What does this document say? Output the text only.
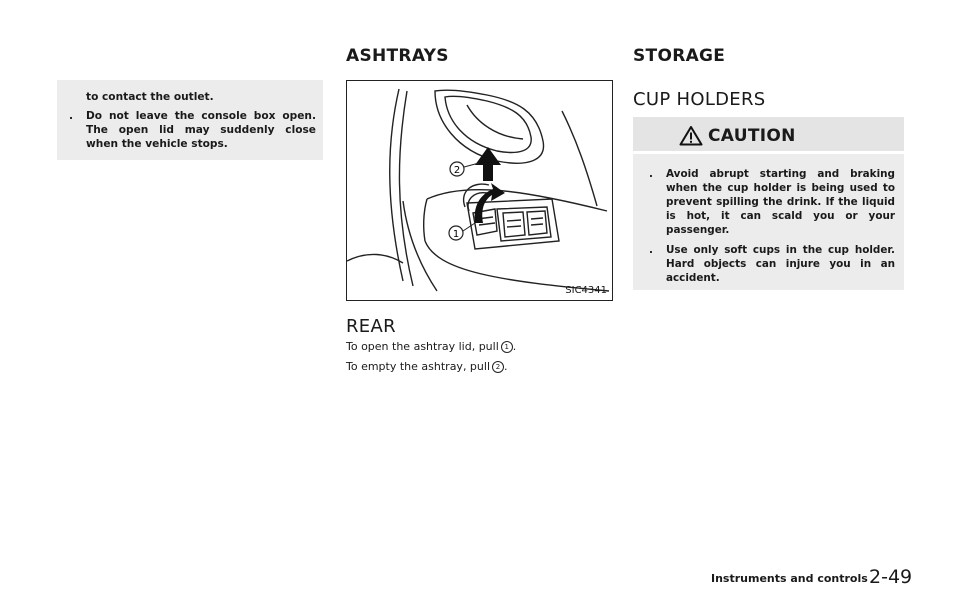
to contact the outlet.
. Do not leave the console box open. The open lid may suddenly close when the vehicle stops.
ASHTRAYS
1
2
SIC4341
REAR

To open the ashtray lid, pull 1 .

To empty the ashtray, pull 2 .

STORAGE
CUP HOLDERS

CAUTION

. Avoid abrupt starting and braking when the cup holder is being used to prevent spilling the drink. If the liquid is hot, it can scald you or your passenger.
. Use only soft cups in the cup holder. Hard objects can injure you in an accident.

Instruments and controls 2-49
